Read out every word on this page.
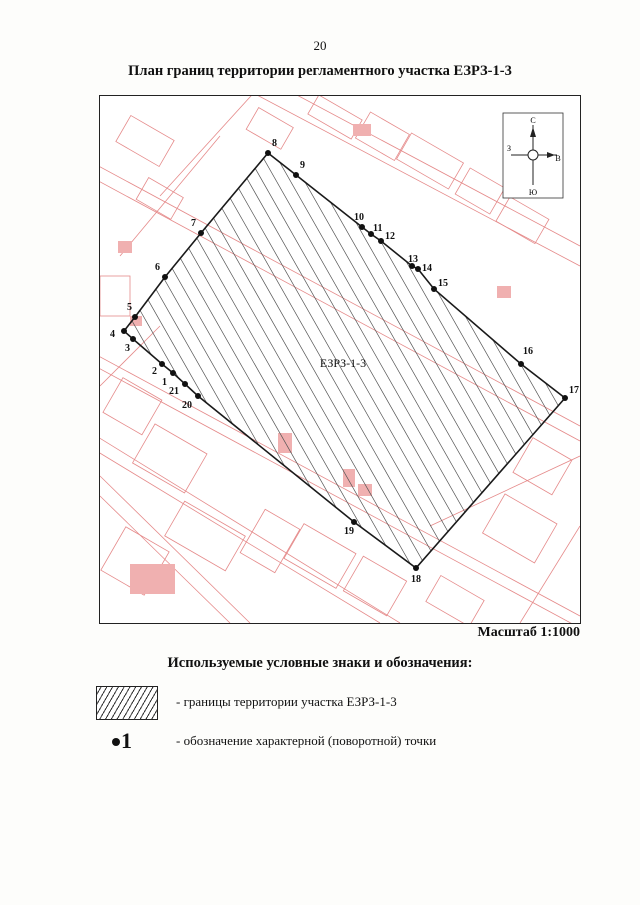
20
План границ территории регламентного участка ЕЗРЗ-1-3
1
2
3
4
5
6
7
8
9
10
11
12
13
14
15
16
17
18
19
20
21
ЕЗРЗ-1-3
С
Ю
В
З
Масштаб 1:1000
Используемые условные знаки и обозначения:
- границы территории участка ЕЗРЗ-1-3
1	- обозначение характерной (поворотной) точки
